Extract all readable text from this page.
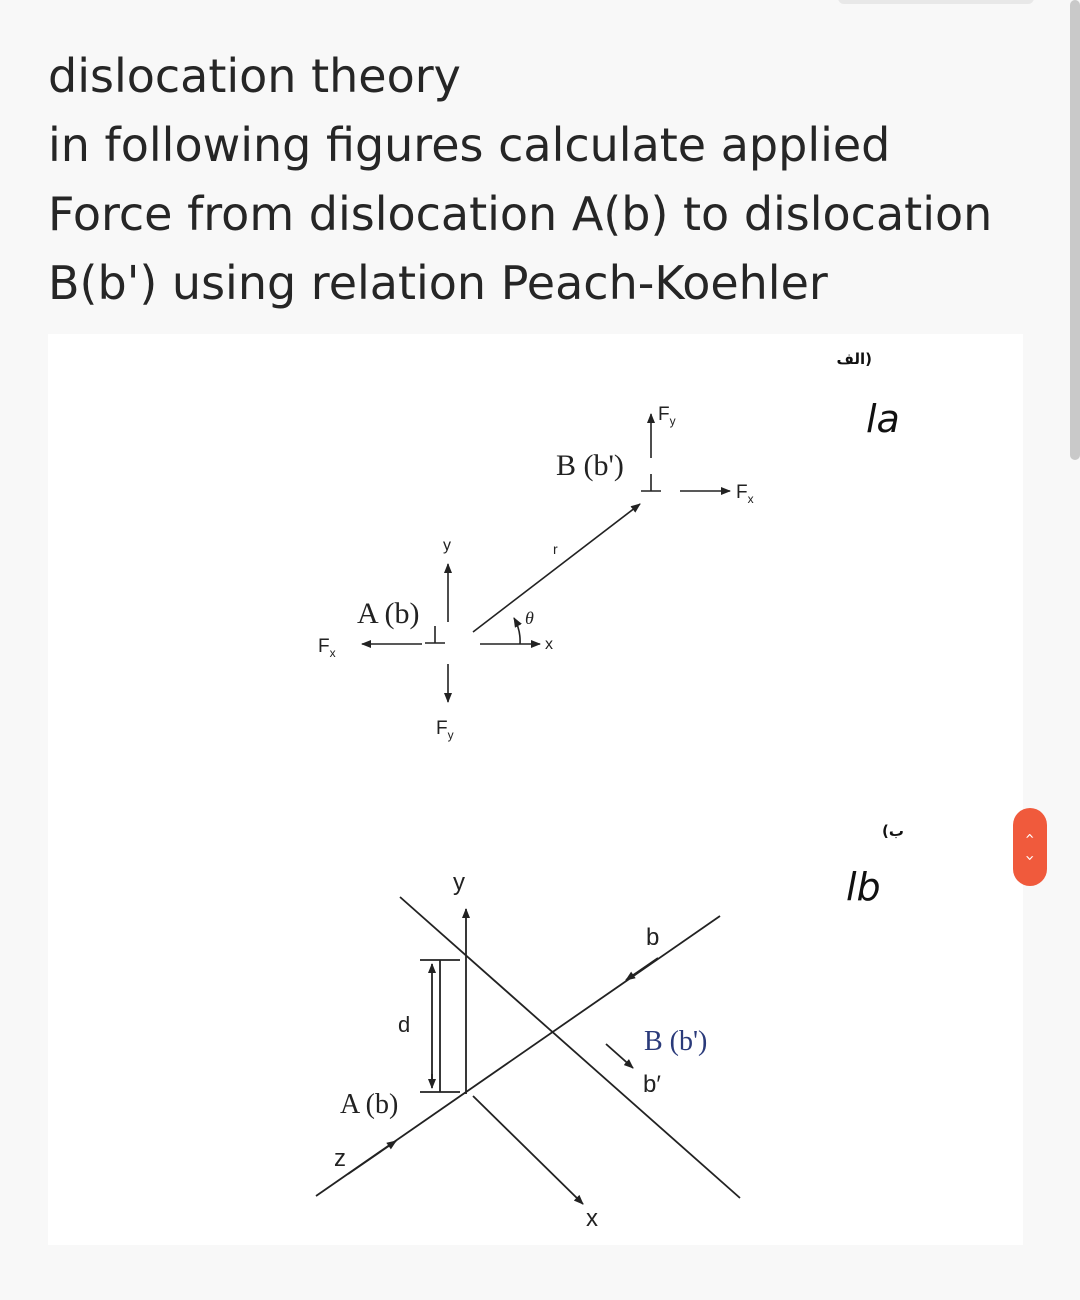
dislocation theory
in following figures calculate applied
Force from dislocation A(b) to dislocation
B(b') using relation Peach-Koehler
A (b)
B (b')
$F_x$
$F_y$
$F_y$
$F_x$
y
x
r
θ
A (b)
B (b')
b
b′
d
y
x
z
(الف
la
(ب
lb
‹
›
